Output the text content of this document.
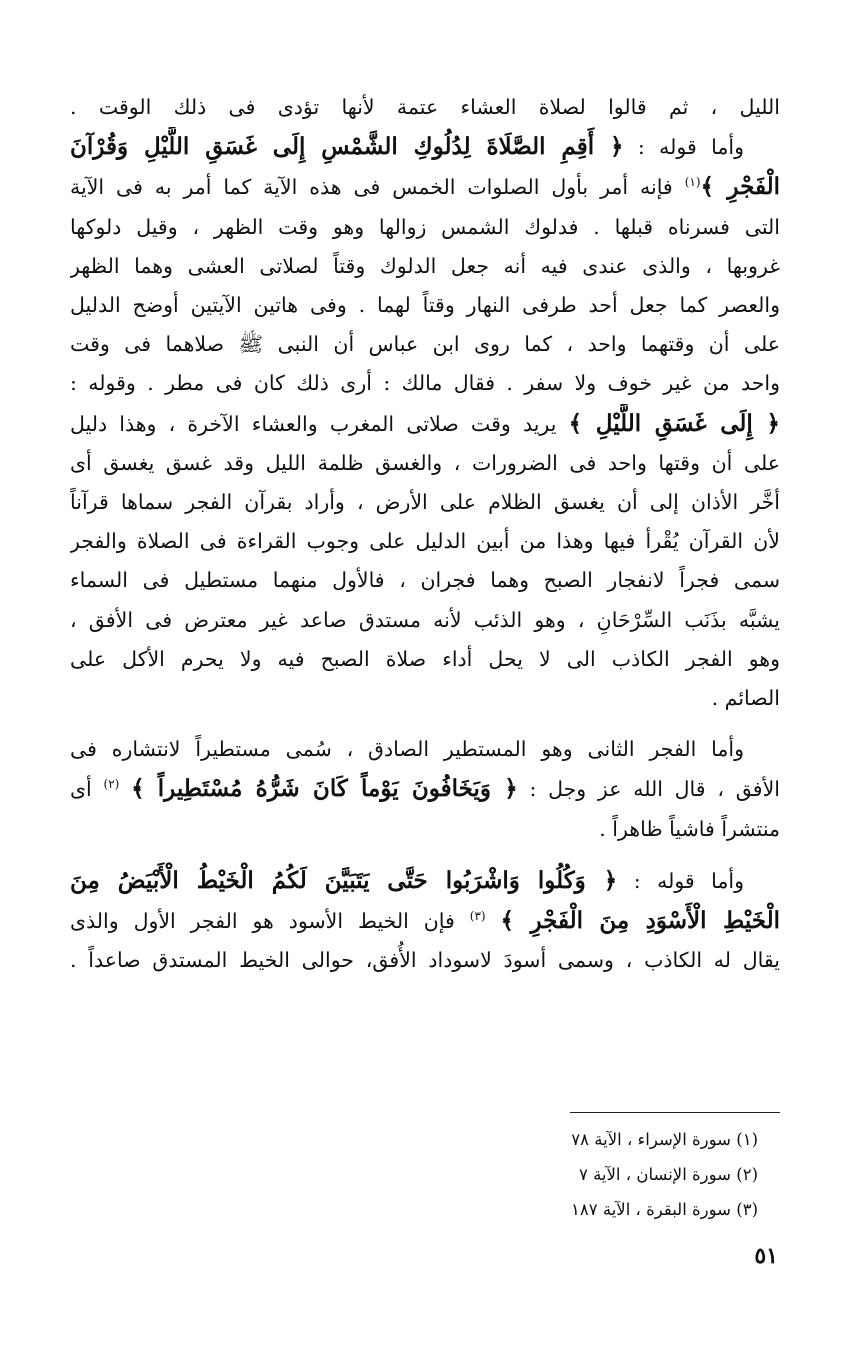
الليل ، ثم قالوا لصلاة العشاء عتمة لأنها تؤدى فى ذلك الوقت .
وأما قوله : ﴿ أَقِمِ الصَّلَاةَ لِدُلُوكِ الشَّمْسِ إِلَى غَسَقِ اللَّيْلِ وَقُرْآنَ
الْفَجْرِ ﴾$^{(١)}$ فإنه أمر بأول الصلوات الخمس فى هذه الآية كما أمر به فى الآية
التى فسرناه قبلها . فدلوك الشمس زوالها وهو وقت الظهر ، وقيل دلوكها
غروبها ، والذى عندى فيه أنه جعل الدلوك وقتاً لصلاتى العشى وهما الظهر
والعصر كما جعل أحد طرفى النهار وقتاً لهما . وفى هاتين الآيتين أوضح الدليل
على أن وقتهما واحد ، كما روى ابن عباس أن النبى ﷺ صلاهما فى وقت
واحد من غير خوف ولا سفر . فقال مالك : أرى ذلك كان فى مطر . وقوله :
﴿ إِلَى غَسَقِ اللَّيْلِ ﴾ يريد وقت صلاتى المغرب والعشاء الآخرة ، وهذا دليل
على أن وقتها واحد فى الضرورات ، والغسق ظلمة الليل وقد غسق يغسق أى
أخَّر الأذان إلى أن يغسق الظلام على الأرض ، وأراد بقرآن الفجر سماها قرآناً
لأن القرآن يُقْرأ فيها وهذا من أبين الدليل على وجوب القراءة فى الصلاة والفجر
سمى فجراً لانفجار الصبح وهما فجران ، فالأول منهما مستطيل فى السماء
يشبَّه بذَنَب السِّرْحَانِ ، وهو الذئب لأنه مستدق صاعد غير معترض فى الأفق ،
وهو الفجر الكاذب الى لا يحل أداء صلاة الصبح فيه ولا يحرم الأكل على
الصائم .
وأما الفجر الثانى وهو المستطير الصادق ، سُمى مستطيراً لانتشاره فى
الأفق ، قال الله عز وجل : ﴿ وَيَخَافُونَ يَوْماً كَانَ شَرُّهُ مُسْتَطِيراً ﴾ $^{(٢)}$ أى
منتشراً فاشياً ظاهراً .
وأما قوله : ﴿ وَكُلُوا وَاشْرَبُوا حَتَّى يَتَبَيَّنَ لَكُمُ الْخَيْطُ الْأَبْيَضُ مِنَ
الْخَيْطِ الْأَسْوَدِ مِنَ الْفَجْرِ ﴾ $^{(٣)}$ فإن الخيط الأسود هو الفجر الأول والذى
يقال له الكاذب ، وسمى أسودَ لاسوداد الأُفق، حوالى الخيط المستدق صاعداً .
(١) سورة الإسراء ، الآية ٧٨
(٢) سورة الإنسان ، الآية ٧
(٣) سورة البقرة ، الآية ١٨٧
٥١
